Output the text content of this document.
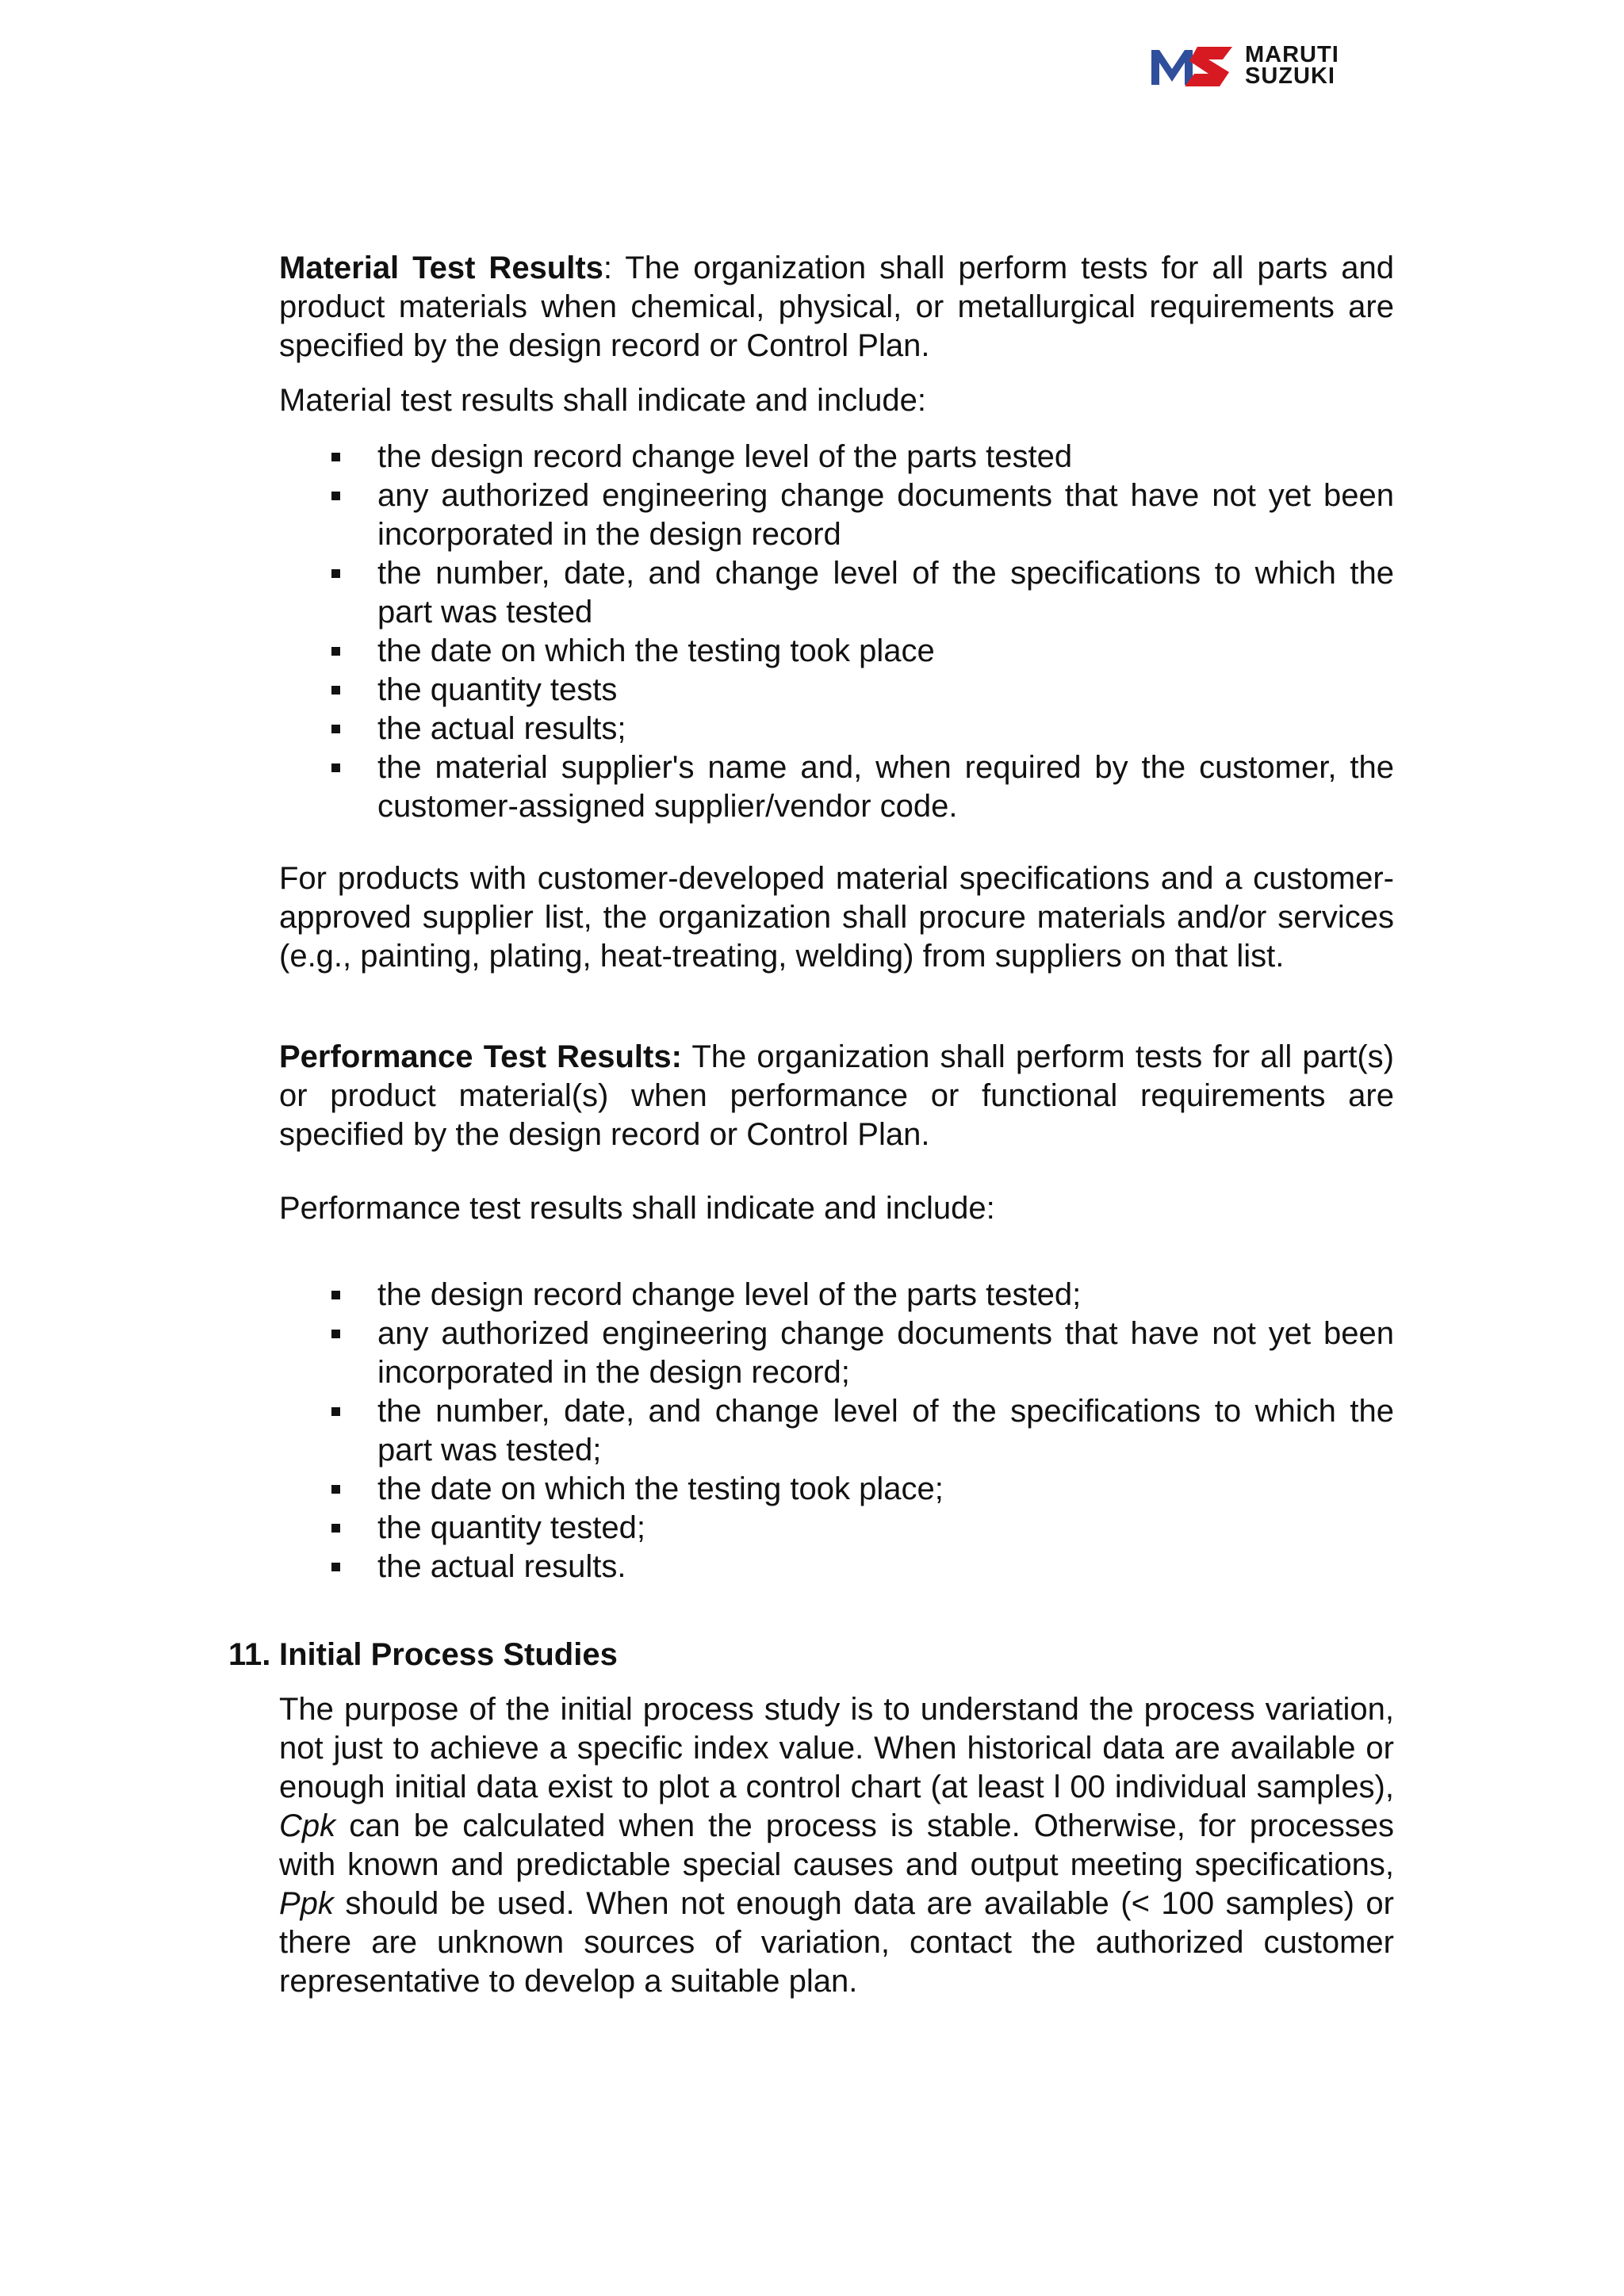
MARUTI
SUZUKI

Material Test Results: The organization shall perform tests for all parts and product materials when chemical, physical, or metallurgical requirements are specified by the design record or Control Plan.

Material test results shall indicate and include:

the design record change level of the parts tested
any authorized engineering change documents that have not yet been incorporated in the design record
the number, date, and change level of the specifications to which the part was tested
the date on which the testing took place
the quantity tests
the actual results;
the material supplier's name and, when required by the customer, the customer-assigned supplier/vendor code.

For products with customer-developed material specifications and a customer-approved supplier list, the organization shall procure materials and/or services (e.g., painting, plating, heat-treating, welding) from suppliers on that list.

Performance Test Results: The organization shall perform tests for all part(s) or product material(s) when performance or functional requirements are specified by the design record or Control Plan.

Performance test results shall indicate and include:

the design record change level of the parts tested;
any authorized engineering change documents that have not yet been incorporated in the design record;
the number, date, and change level of the specifications to which the part was tested;
the date on which the testing took place;
the quantity tested;
the actual results.
11. Initial Process Studies

The purpose of the initial process study is to understand the process variation, not just to achieve a specific index value. When historical data are available or enough initial data exist to plot a control chart (at least l 00 individual samples), Cpk can be calculated when the process is stable. Otherwise, for processes with known and predictable special causes and output meeting specifications, Ppk should be used. When not enough data are available (< 100 samples) or there are unknown sources of variation, contact the authorized customer representative to develop a suitable plan.
